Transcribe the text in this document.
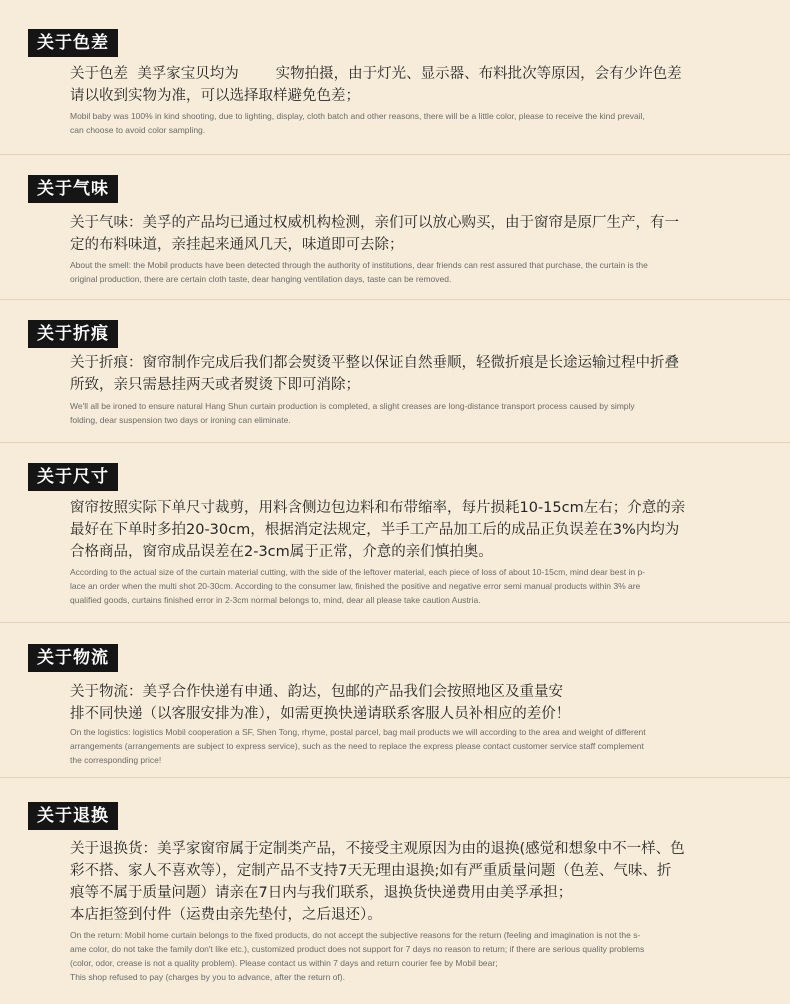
关于色差

关于色差  美孚家宝贝均为        实物拍摄，由于灯光、显示器、布料批次等原因，会有少许色差
请以收到实物为准，可以选择取样避免色差；

Mobil baby was 100% in kind shooting, due to lighting, display, cloth batch and other reasons, there will be a little color, please to receive the kind prevail,
can choose to avoid color sampling.

关于气味

关于气味：美孚的产品均已通过权威机构检测，亲们可以放心购买，由于窗帘是原厂生产，有一
定的布料味道，亲挂起来通风几天，味道即可去除；

About the smell: the Mobil products have been detected through the authority of institutions, dear friends can rest assured that purchase, the curtain is the
original production, there are certain cloth taste, dear hanging ventilation days, taste can be removed.

关于折痕

关于折痕：窗帘制作完成后我们都会熨烫平整以保证自然垂顺，轻微折痕是长途运输过程中折叠
所致，亲只需悬挂两天或者熨烫下即可消除；

We'll all be ironed to ensure natural Hang Shun curtain production is completed, a slight creases are long-distance transport process caused by simply
folding, dear suspension two days or ironing can eliminate.

关于尺寸

窗帘按照实际下单尺寸裁剪，用料含侧边包边料和布带缩率，每片损耗10-15cm左右；介意的亲
最好在下单时多拍20-30cm，根据消定法规定，半手工产品加工后的成品正负误差在3%内均为
合格商品，窗帘成品误差在2-3cm属于正常，介意的亲们慎拍奥。

According to the actual size of the curtain material cutting, with the side of the leftover material, each piece of loss of about 10-15cm, mind dear best in p-
lace an order when the multi shot 20-30cm. According to the consumer law, finished the positive and negative error semi manual products within 3% are
qualified goods, curtains finished error in 2-3cm normal belongs to, mind, dear all please take caution Austria.

关于物流

关于物流：美孚合作快递有申通、韵达，包邮的产品我们会按照地区及重量安
排不同快递（以客服安排为准），如需更换快递请联系客服人员补相应的差价！

On the logistics: logistics Mobil cooperation a SF, Shen Tong, rhyme, postal parcel, bag mail products we will according to the area and weight of different
arrangements (arrangements are subject to express service), such as the need to replace the express please contact customer service staff complement
the corresponding price!

关于退换

关于退换货：美孚家窗帘属于定制类产品，不接受主观原因为由的退换(感觉和想象中不一样、色
彩不搭、家人不喜欢等），定制产品不支持7天无理由退换;如有严重质量问题（色差、气味、折
痕等不属于质量问题）请亲在7日内与我们联系，退换货快递费用由美孚承担；
本店拒签到付件（运费由亲先垫付，之后退还）。

On the return: Mobil home curtain belongs to the fixed products, do not accept the subjective reasons for the return (feeling and imagination is not the s-
ame color, do not take the family don't like etc.), customized product does not support for 7 days no reason to return; if there are serious quality problems
(color, odor, crease is not a quality problem). Please contact us within 7 days and return courier fee by Mobil bear;
This shop refused to pay (charges by you to advance, after the return of).
